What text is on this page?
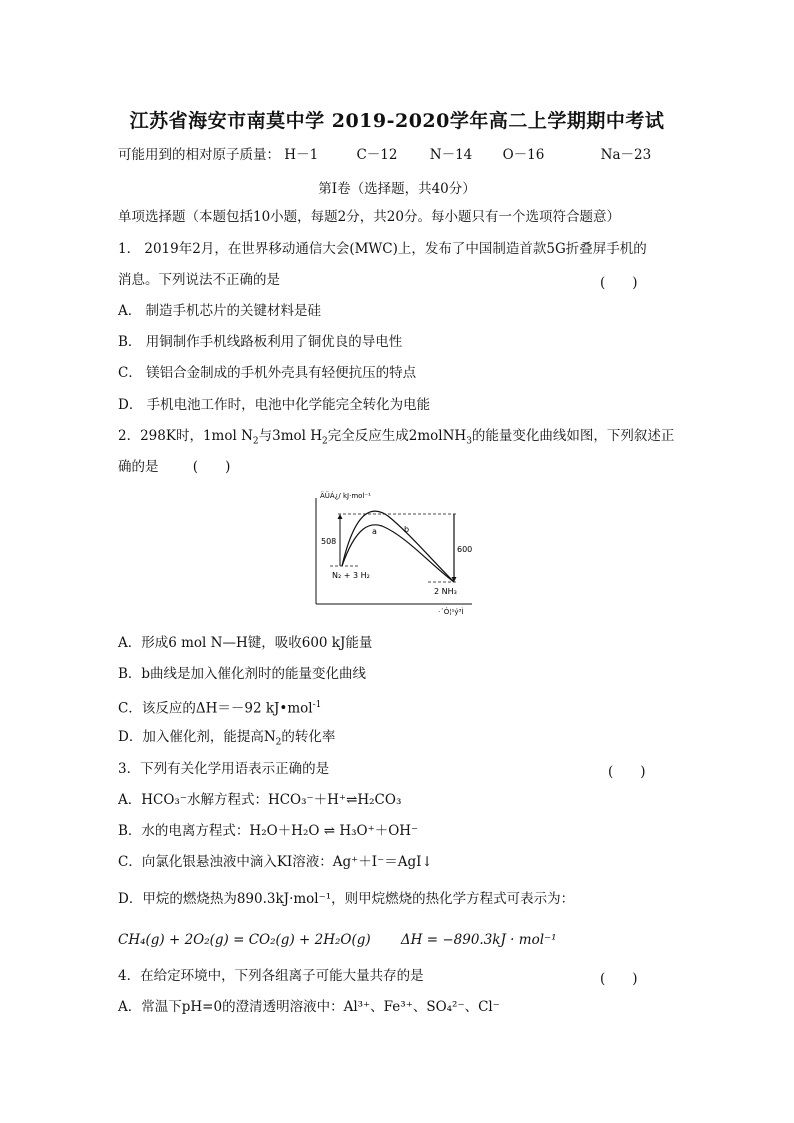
江苏省海安市南莫中学 2019-2020学年高二上学期期中考试
可能用到的相对原子质量： H－1	C－12 N－14 O－16	Na－23
第Ⅰ卷（选择题，共40分）
单项选择题（本题包括10小题，每题2分，共20分。每小题只有一个选项符合题意）
1． 2019年2月，在世界移动通信大会(MWC)上，发布了中国制造首款5G折叠屏手机的
消息。下列说法不正确的是	(　　)
A． 制造手机芯片的关键材料是硅
B． 用铜制作手机线路板利用了铜优良的导电性
C． 镁铝合金制成的手机外壳具有轻便抗压的特点
D． 手机电池工作时，电池中化学能完全转化为电能
2．298K时，1mol $N_2$与3mol $H_2$完全反应生成2molNH$_3$的能量变化曲线如图，下列叙述正
确的是	(　　)
ÄÜÁ¿/ kJ·mol⁻¹
·´Ó¦¹ý³Ì
508
600
a	b
N₂ + 3 H₂
2 NH₃
A．形成6 mol N—H键，吸收600 kJ能量
B．b曲线是加入催化剂时的能量变化曲线
C．该反应的ΔH＝－92 kJ•mol$^{-1}$
D．加入催化剂，能提高$N_2$的转化率
3．下列有关化学用语表示正确的是	(　　)
A．HCO₃⁻水解方程式：HCO₃⁻＋H⁺⇌H₂CO₃
B．水的电离方程式：H₂O＋H₂O ⇌ H₃O⁺＋OH⁻
C．向氯化银悬浊液中滴入KI溶液：Ag⁺＋I⁻＝AgI↓
D．甲烷的燃烧热为890.3kJ·mol⁻¹，则甲烷燃烧的热化学方程式可表示为：
CH₄(g) + 2O₂(g) = CO₂(g) + 2H₂O(g) ΔH = −890.3kJ · mol⁻¹
4．在给定环境中，下列各组离子可能大量共存的是	(　　)
A．常温下pH=0的澄清透明溶液中：Al³⁺、Fe³⁺、SO₄²⁻、Cl⁻
